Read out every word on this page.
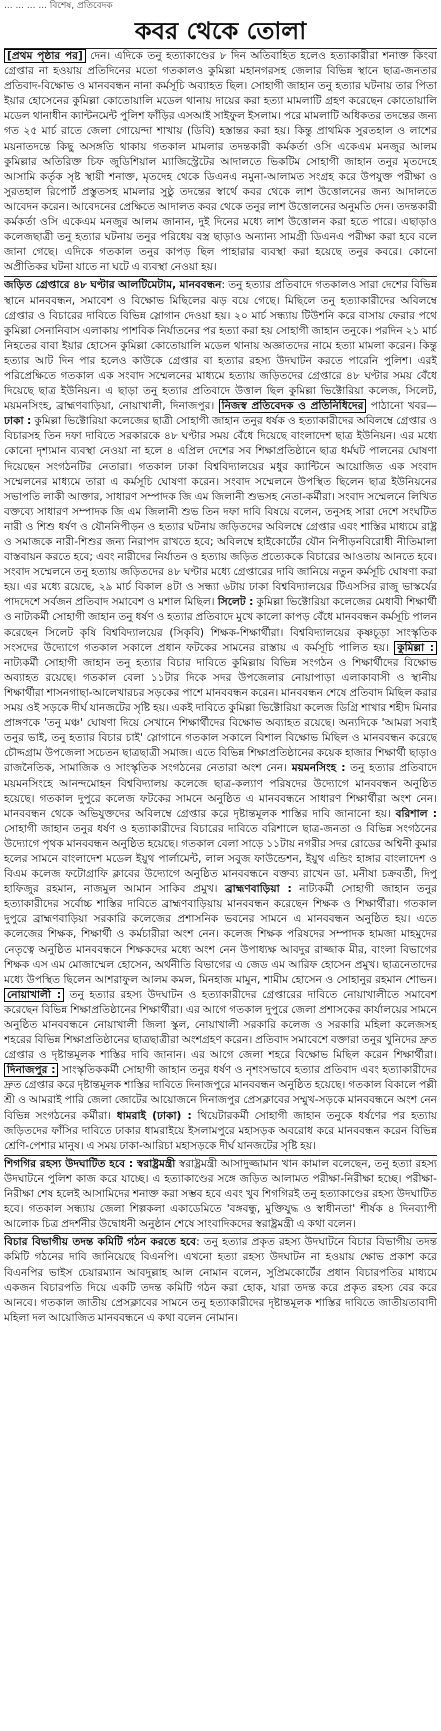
... ... ... ... বিশেষ, প্রতিবেদক
কবর থেকে তোলা

[প্রথম পৃষ্ঠার পর] দেন। এদিকে তনু হত্যাকাণ্ডের ৮ দিন অতিবাহিত হলেও হত্যাকারীরা শনাক্ত কিংবা গ্রেপ্তার না হওয়ায় প্রতিদিনের মতো গতকালও কুমিল্লা মহানগরসহ জেলার বিভিন্ন স্থানে ছাত্র-জনতার প্রতিবাদ-বিক্ষোভ ও মানববন্ধন নানা কর্মসূচি অব্যাহত ছিল। সোহাগী জাহান তনু হত্যার ঘটনায় তার পিতা ইয়ার হোসেনের কুমিল্লা কোতোয়ালি মডেল থানায় দায়ের করা হত্যা মামলাটি গ্রহণ করেছেন কোতোয়ালি মডেল থানাধীন ক্যান্টনমেন্ট পুলিশ ফাঁড়ির এসআই সাইফুল ইসলাম। পরে মামলাটি অধিকতর তদন্তের জন্য গত ২৫ মার্চ রাতে জেলা গোয়েন্দা শাখায় (ডিবি) হস্তান্তর করা হয়। কিন্তু প্রাথমিক সুরতহাল ও লাশের ময়নাতদন্তে কিছু অসঙ্গতি থাকায় গতকাল মামলার তদন্তকারী কর্মকর্তা ওসি একেএম মনজুর আলম কুমিল্লার অতিরিক্ত চিফ জুডিশিয়াল ম্যাজিস্ট্রেটের আদালতে ভিকটিম সোহাগী জাহান তনুর মৃতদেহে আসামি কর্তৃক সৃষ্ট স্থায়ী শনাক্ত, মৃতদেহ থেকে ডিএনএ নমুনা-আলামত সংগ্রহ করে উপযুক্ত পরীক্ষা ও সুরতহাল রিপোর্ট প্রস্তুতসহ মামলার সুষ্ঠু তদন্তের স্বার্থে কবর থেকে লাশ উত্তোলনের জন্য আদালতে আবেদন করেন। আবেদনের প্রেক্ষিতে আদালত কবর থেকে তনুর লাশ উত্তোলনের অনুমতি দেন। তদন্তকারী কর্মকর্তা ওসি একেএম মনজুর আলম জানান, দুই দিনের মধ্যে লাশ উত্তোলন করা হতে পারে। এছাড়াও কলেজছাত্রী তনু হত্যার ঘটনায় তনুর পরিধেয় বস্ত্র ছাড়াও অন্যান্য সামগ্রী ডিএনএ পরীক্ষা করা হবে বলে জানা গেছে। এদিকে গতকাল তনুর কাপড় ছিল পাহারার ব্যবস্থা করা হয়েছে তনুর কবরে। কোনো অপ্রীতিকর ঘটনা যাতে না ঘটে এ ব্যবস্থা নেওয়া হয়।

জড়িত গ্রেপ্তারে ৪৮ ঘণ্টার আলটিমেটাম, মানববন্ধন: তনু হত্যার প্রতিবাদে গতকালও সারা দেশের বিভিন্ন স্থানে মানববন্ধন, সমাবেশ ও বিক্ষোভ মিছিলের ঝড় বয়ে গেছে। মিছিলে তনু হত্যাকারীদের অবিলম্বে গ্রেপ্তার ও বিচারের দাবিতে বিভিন্ন স্লোগান দেওয়া হয়। ২০ মার্চ সন্ধ্যায় টিউশনি করে বাসায় ফেরার পথে কুমিল্লা সেনানিবাস এলাকায় পাশবিক নির্যাতনের পর হত্যা করা হয় সোহাগী জাহান তনুকে। পরদিন ২১ মার্চ নিহতের বাবা ইয়ার হোসেন কুমিল্লা কোতোয়ালি মডেল থানায় অজ্ঞাতদের নামে হত্যা মামলা করেন। কিন্তু হত্যার আট দিন পার হলেও কাউকে গ্রেপ্তার বা হত্যার রহস্য উদঘাটন করতে পারেনি পুলিশ। এরই পরিপ্রেক্ষিতে গতকাল এক সংবাদ সম্মেলনের মাধ্যমে হত্যায় জড়িতদের গ্রেপ্তারে ৪৮ ঘণ্টার সময় বেঁধে দিয়েছে ছাত্র ইউনিয়ন। এ ছাড়া তনু হত্যার প্রতিবাদে উত্তাল ছিল কুমিল্লা ভিক্টোরিয়া কলেজ, সিলেট, ময়মনসিংহ, ব্রাহ্মণবাড়িয়া, নোয়াখালী, দিনাজপুর। নিজস্ব প্রতিবেদক ও প্রতিনিধিদের পাঠানো খবর— ঢাকা : কুমিল্লা ভিক্টোরিয়া কলেজের ছাত্রী সোহাগী জাহান তনুর ধর্ষক ও হত্যাকারীদের অবিলম্বে গ্রেপ্তার ও বিচারসহ তিন দফা দাবিতে সরকারকে ৪৮ ঘণ্টার সময় বেঁধে দিয়েছে বাংলাদেশ ছাত্র ইউনিয়ন। এর মধ্যে কোনো দৃশ্যমান ব্যবস্থা নেওয়া না হলে ৪ এপ্রিল দেশের সব শিক্ষাপ্রতিষ্ঠানে ছাত্র ধর্মঘট পালনের ঘোষণা দিয়েছেন সংগঠনটির নেতারা। গতকাল ঢাকা বিশ্ববিদ্যালয়ের মধুর ক্যান্টিনে আয়োজিত এক সংবাদ সম্মেলনের মাধ্যমে তারা এ কর্মসূচি ঘোষণা করেন। সংবাদ সম্মেলনে উপস্থিত ছিলেন ছাত্র ইউনিয়নের সভাপতি লাকী আক্তার, সাধারণ সম্পাদক জি এম জিলানী শুভসহ নেতা-কর্মীরা। সংবাদ সম্মেলনে লিখিত বক্তব্যে সাধারণ সম্পাদক জি এম জিলানী শুভ তিন দফা দাবি বিষয়ে বলেন, তনুসহ সারা দেশে সংঘটিত নারী ও শিশু ধর্ষণ ও যৌননিপীড়ন ও হত্যার ঘটনায় জড়িতদের অবিলম্বে গ্রেপ্তার এবং শাস্তির মাধ্যমে রাষ্ট্র ও সমাজকে নারী-শিশুর জন্য নিরাপদ রাখতে হবে; অবিলম্বে হাইকোর্টের যৌন নিপীড়নবিরোধী নীতিমালা বাস্তবায়ন করতে হবে; এবং নারীদের নির্যাতন ও হত্যায় জড়িত প্রত্যেককে বিচারের আওতায় আনতে হবে। সংবাদ সম্মেলনে তনু হত্যায় জড়িতদের ৪৮ ঘণ্টার মধ্যে গ্রেপ্তারের দাবি জানিয়ে নতুন কর্মসূচি ঘোষণা করা হয়। এর মধ্যে রয়েছে, ২৯ মার্চ বিকাল ৪টা ও সন্ধ্যা ৬টায় ঢাকা বিশ্ববিদ্যালয়ের টিএসসির রাজু ভাস্কর্যের পাদদেশে সর্বজন প্রতিবাদ সমাবেশ ও মশাল মিছিল। সিলেট : কুমিল্লা ভিক্টোরিয়া কলেজের মেধাবী শিক্ষার্থী ও নাট্যকর্মী সোহাগী জাহান তনু ধর্ষণ ও হত্যার প্রতিবাদে মুখে কালো কাপড় বেঁধে মানববন্ধন কর্মসূচি পালন করেছেন সিলেট কৃষি বিশ্ববিদ্যালয়ের (সিকৃবি) শিক্ষক-শিক্ষার্থীরা। বিশ্ববিদ্যালয়ের কৃষ্ণচূড়া সাংস্কৃতিক সংসদের উদ্যোগে গতকাল সকালে প্রধান ফটকের সামনের রাস্তায় এ কর্মসূচি পালিত হয়। কুমিল্লা : নাট্যকর্মী সোহাগী জাহান তনু হত্যার বিচার দাবিতে কুমিল্লায় বিভিন্ন সংগঠন ও শিক্ষার্থীদের বিক্ষোভ অব্যাহত রয়েছে। গতকাল বেলা ১১টার দিকে সদর উপজেলার নোয়াপাড়া এলাকাবাসী ও স্থানীয় শিক্ষার্থীরা শাসনগাছা-আলেখারচর সড়কের পাশে মানববন্ধন করেন। মানববন্ধন শেষে প্রতিবাদ মিছিল করার সময় ওই সড়কে দীর্ঘ যানজটের সৃষ্টি হয়। একই দাবিতে কুমিল্লা ভিক্টোরিয়া কলেজ ডিগ্রি শাখার শহীদ মিনার প্রাঙ্গণকে 'তনু মঞ্চ' ঘোষণা দিয়ে সেখানে শিক্ষার্থীদের বিক্ষোভ অব্যাহত রয়েছে। অন্যদিকে 'আমরা সবাই তনুর ভাই, তনু হত্যার বিচার চাই' স্লোগানে গতকাল সকালে বিশাল বিক্ষোভ মিছিল ও মানববন্ধন করেছে চৌদ্দগ্রাম উপজেলা সচেতন ছাত্রছাত্রী সমাজ। এতে বিভিন্ন শিক্ষাপ্রতিষ্ঠানের কয়েক হাজার শিক্ষার্থী ছাড়াও রাজনৈতিক, সামাজিক ও সাংস্কৃতিক সংগঠনের নেতারা অংশ নেন। ময়মনসিংহ : তনু হত্যার প্রতিবাদে ময়মনসিংহে আনন্দমোহন বিশ্ববিদ্যালয় কলেজে ছাত্র-কল্যাণ পরিষদের উদ্যোগে মানববন্ধন অনুষ্ঠিত হয়েছে। গতকাল দুপুরে কলেজ ফটকের সামনে অনুষ্ঠিত এ মানববন্ধনে সাধারণ শিক্ষার্থীরা অংশ নেন। মানববন্ধন থেকে অভিযুক্তদের অবিলম্বে গ্রেপ্তার করে দৃষ্টান্তমূলক শাস্তির দাবি জানানো হয়। বরিশাল : সোহাগী জাহান তনুর ধর্ষণ ও হত্যাকারীদের বিচারের দাবিতে বরিশালে ছাত্র-জনতা ও বিভিন্ন সংগঠনের উদ্যোগে পৃথক মানববন্ধন অনুষ্ঠিত হয়েছে। গতকাল বেলা সাড়ে ১১টায় নগরীর সদর রোডের অশ্বিনী কুমার হলের সামনে বাংলাদেশ মডেল ইয়ুথ পার্লামেন্ট, লাল সবুজ ফাউন্ডেশন, ইয়ুথ এন্ডিং হাঙ্গার বাংলাদেশ ও বিএম কলেজ ফটোগ্রাফি ক্লাবের উদ্যোগে অনুষ্ঠিত মানববন্ধনে বক্তব্য রাখেন ডা. মনীষা চক্রবর্তী, দিপু হাফিজুর রহমান, নাজমুল আমান সাকিব প্রমুখ। ব্রাহ্মণবাড়িয়া : নাট্যকর্মী সোহাগী জাহান তনুর হত্যাকারীদের সর্বোচ্চ শাস্তির দাবিতে ব্রাহ্মণবাড়িয়ায় মানববন্ধন করেছেন শিক্ষক ও শিক্ষার্থীরা। গতকাল দুপুরে ব্রাহ্মণবাড়িয়া সরকারি কলেজের প্রশাসনিক ভবনের সামনে এ মানববন্ধন অনুষ্ঠিত হয়। এতে কলেজের শিক্ষক, শিক্ষার্থী ও কর্মচারীরা অংশ নেন। কলেজ শিক্ষক পরিষদের সম্পাদক হামজা মাহমুদের নেতৃত্বে অনুষ্ঠিত মানববন্ধনে শিক্ষকদের মধ্যে অংশ নেন উপাধ্যক্ষ আবদুর রাজ্জাক মীর, বাংলা বিভাগের শিক্ষক এস এম মোজাম্মেল হোসেন, অর্থনীতি বিভাগের এ জেড এম আরিফ হোসেন প্রমুখ। ছাত্রনেতাদের মধ্যে উপস্থিত ছিলেন আশরাফুল আলম কমল, মিনহাজ মামুন, শামীম হোসেন ও সোহানুর রহমান শোভন। নোয়াখালী : তনু হত্যার রহস্য উদঘাটন ও হত্যাকারীদের গ্রেপ্তারের দাবিতে নোয়াখালীতে সমাবেশ করেছেন বিভিন্ন শিক্ষাপ্রতিষ্ঠানের শিক্ষার্থীরা। এর আগে গতকাল দুপুরে জেলা প্রশাসকের কার্যালয়ের সামনে অনুষ্ঠিত মানববন্ধনে নোয়াখালী জিলা স্কুল, নোয়াখালী সরকারি কলেজ ও সরকারি মহিলা কলেজসহ শহরের বিভিন্ন শিক্ষাপ্রতিষ্ঠানের ছাত্রছাত্রীরা অংশগ্রহণ করেন। প্রতিবাদ সমাবেশে বক্তারা তনুর খুনিদের দ্রুত গ্রেপ্তার ও দৃষ্টান্তমূলক শাস্তির দাবি জানান। এর আগে জেলা শহরে বিক্ষোভ মিছিল করেন শিক্ষার্থীরা। দিনাজপুর : সাংস্কৃতিককর্মী সোহাগী জাহান তনুর ধর্ষণ ও নৃশংসভাবে হত্যার প্রতিবাদ এবং হত্যাকারীদের দ্রুত গ্রেপ্তার করে দৃষ্টান্তমূলক শাস্তির দাবিতে দিনাজপুরে মানববন্ধন অনুষ্ঠিত হয়েছে। গতকাল বিকালে পল্লী শ্রী ও আমরাই পারি জেলা জোটের আয়োজনে দিনাজপুর প্রেসক্লাবের সম্মুখ-সড়কে মানববন্ধনে অংশ নেন বিভিন্ন সংগঠনের কর্মীরা। ধামরাই (ঢাকা) : থিয়েটারকর্মী সোহাগী জাহান তনুকে ধর্ষণের পর হত্যায় জড়িতদের ফাঁসির দাবিতে ঢাকার ধামরাইয়ে ইসলামপুরে মহাসড়ক অবরোধ করে মানববন্ধন করেন বিভিন্ন শ্রেণি-পেশার মানুষ। এ সময় ঢাকা-আরিচা মহাসড়কে দীর্ঘ যানজটের সৃষ্টি হয়।

শিগগির রহস্য উদঘাটিত হবে : স্বরাষ্ট্রমন্ত্রী স্বরাষ্ট্রমন্ত্রী আসাদুজ্জামান খান কামাল বলেছেন, তনু হত্যা রহস্য উদঘাটনে পুলিশ কাজ করে যাচ্ছে। এ হত্যাকাণ্ডের সঙ্গে জড়িত আলামত পরীক্ষা-নিরীক্ষা হচ্ছে। পরীক্ষা-নিরীক্ষা শেষ হলেই আসামিদের শনাক্ত করা সম্ভব হবে এবং খুব শিগগিরই তনু হত্যাকাণ্ডের রহস্য উদঘাটিত হবে। গতকাল সন্ধ্যায় জেলা শিল্পকলা একাডেমিতে 'বঙ্গবন্ধু, মুক্তিযুদ্ধ ও স্বাধীনতা' শীর্ষক ৪ দিনব্যাপী আলোক চিত্র প্রদর্শনীর উদ্বোধনী অনুষ্ঠান শেষে সাংবাদিকদের স্বরাষ্ট্রমন্ত্রী এ কথা বলেন।

বিচার বিভাগীয় তদন্ত কমিটি গঠন করতে হবে: তনু হত্যার প্রকৃত রহস্য উদঘাটনে বিচার বিভাগীয় তদন্ত কমিটি গঠনের দাবি জানিয়েছে বিএনপি। এখনো হত্যা রহস্য উদঘাটন না হওয়ায় ক্ষোভ প্রকাশ করে বিএনপির ভাইস চেয়ারম্যান আবদুল্লাহ আল নোমান বলেন, সুপ্রিমকোর্টের প্রধান বিচারপতির মাধ্যমে একজন বিচারপতি দিয়ে একটি তদন্ত কমিটি গঠন করা হোক, যারা তদন্ত করে প্রকৃত রহস্য বের করে আনবে। গতকাল জাতীয় প্রেসক্লাবের সামনে তনু হত্যাকারীদের দৃষ্টান্তমূলক শাস্তির দাবিতে জাতীয়তাবাদী মহিলা দল আয়োজিত মানববন্ধনে এ কথা বলেন নোমান।
